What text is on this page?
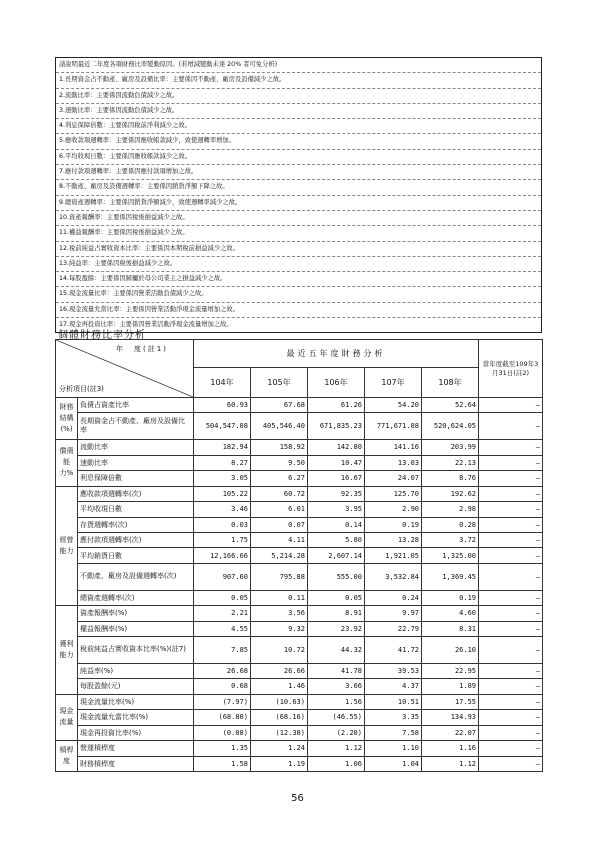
請說明最近二年度各項財務比率變動原因。(若增減變動未達 20% 者可免分析)
1.長期資金占不動產、廠房及設備比率：主要係因不動產、廠房及設備減少之故。
2.流動比率：主要係因流動負債減少之故。
3.速動比率：主要係因流動負債減少之故。
4.利息保障倍數：主要係因稅前淨利減少之故。
5.應收款項週轉率：主要係因應收帳款減少，致使週轉率增加。
6.平均收現日數：主要係因應收帳款減少之故。
7.應付款項週轉率：主要係因應付款項增加之故。
8.不動產、廠房及設備週轉率：主要係因銷貨淨額下降之故。
9.總資產週轉率：主要係因銷貨淨額減少，致使週轉率減少之故。
10.資產報酬率：主要係因稅後損益減少之故。
11.權益報酬率：主要係因稅後損益減少之故。
12.稅前純益占實收資本比率：主要係因本期稅前損益減少之故。
13.純益率：主要係因稅後損益減少之故。
14.每股盈餘：主要係因歸屬於母公司業主之損益減少之故。
15.現金流量比率：主要係因營業活動負債減少之故。
16.現金流量允當比率：主要係因營業活動淨現金流量增加之故。
17.現金再投資比率：主要係因營業活動淨現金流量增加之故。
個體財務比率分析
年　度(註1)
分析項目(註3)		最近五年度財務分析					當年度截至109年3月31日(註2)
		104年	105年	106年	107年	108年	
財務結構(%)	負債占資產比率	60.93	67.68	61.26	54.20	52.64	–
	長期資金占不動產、廠房及設備比率	504,547.08	405,546.40	671,835.23	771,671.08	520,624.05	–
償債能力%	流動比率	182.94	158.92	142.80	141.16	203.99	–
	速動比率	8.27	9.50	10.47	13.03	22.13	–
	利息保障倍數	3.05	6.27	16.67	24.07	8.76	–
經營能力	應收款項週轉率(次)	105.22	60.72	92.35	125.70	192.62	–
	平均收現日數	3.46	6.01	3.95	2.90	2.98	–
	存貨週轉率(次)	0.03	0.07	0.14	0.19	0.28	–
	應付款項週轉率(次)	1.75	4.11	5.80	13.28	3.72	–
	平均銷貨日數	12,166.66	5,214.28	2,607.14	1,921.05	1,325.00	–
	不動產、廠房及設備週轉率(次)	907.60	795.88	555.00	3,532.84	1,369.45	–
	總資產週轉率(次)	0.05	0.11	0.05	0.24	0.19	–
獲利能力	資產報酬率(%)	2.21	3.56	8.91	9.97	4.60	–
	權益報酬率(%)	4.55	9.32	23.92	22.79	8.31	–
	稅前純益占實收資本比率(%)(註7)	7.85	10.72	44.32	41.72	26.10	–
	純益率(%)	26.68	26.66	41.78	39.53	22.95	–
	每股盈餘(元)	0.68	1.46	3.66	4.37	1.89	–
現金流量	現金流量比率(%)	(7.97)	(10.63)	1.56	10.51	17.55	–
	現金流量允當比率(%)	(68.80)	(68.16)	(46.55)	3.35	134.93	–
	現金再投資比率(%)	(0.08)	(12.38)	(2.20)	7.58	22.07	–
槓桿度	營運槓桿度	1.35	1.24	1.12	1.10	1.16	–
	財務槓桿度	1.58	1.19	1.06	1.04	1.12	–
56
